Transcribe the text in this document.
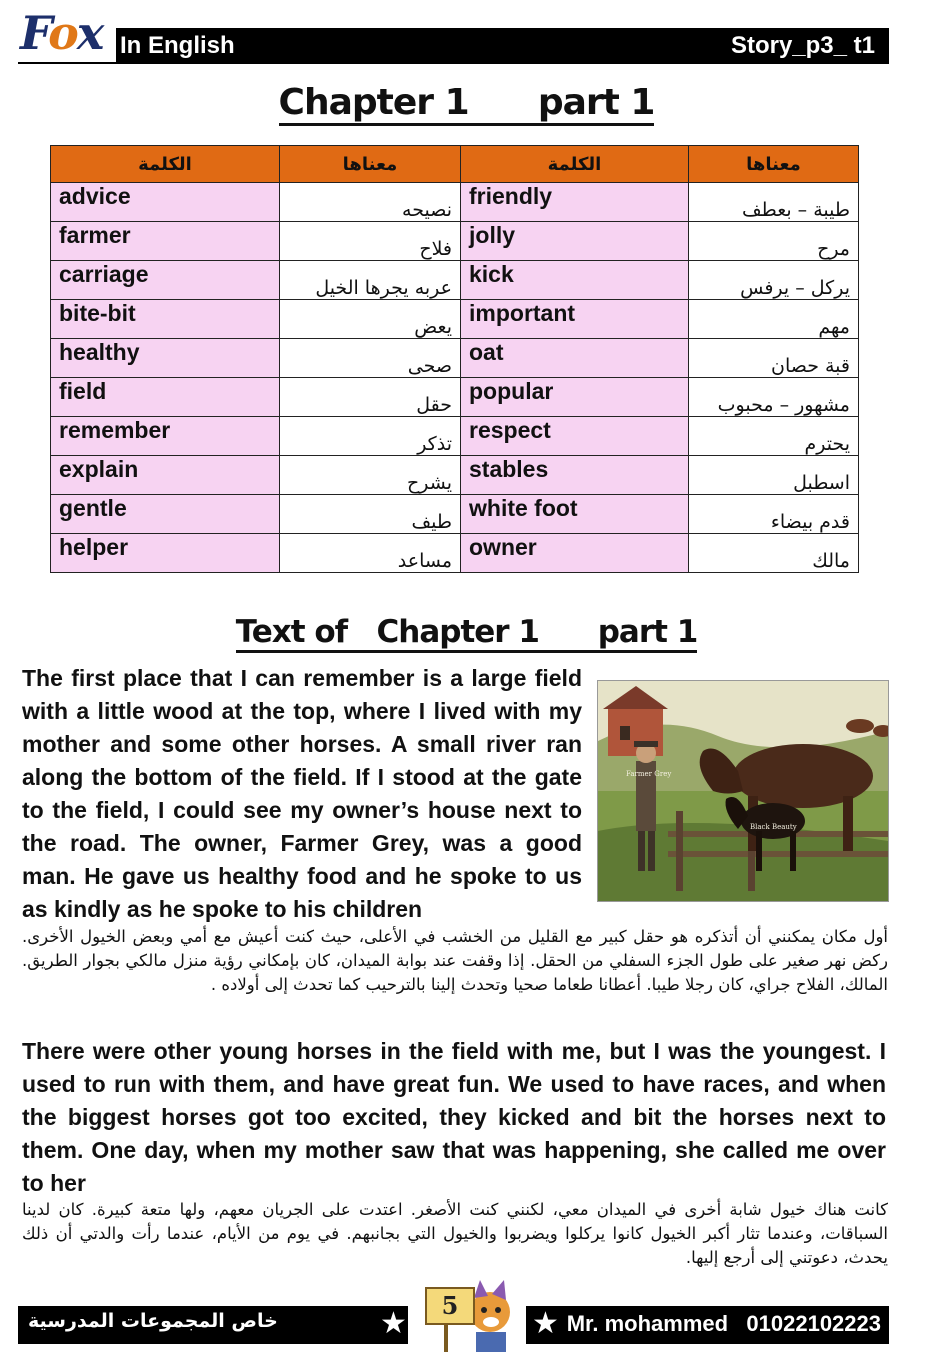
Fox In English	Story_p3_ t1
Chapter 1      part 1
الكلمة	معناها	الكلمة	معناها
advice	نصيحه	friendly	طيبة – بعطف
farmer	فلاح	jolly	مرح
carriage	عربه يجرها الخيل	kick	يركل – يرفس
bite-bit	يعض	important	مهم
healthy	صحى	oat	قبة حصان
field	حقل	popular	مشهور – محبوب
remember	تذكر	respect	يحترم
explain	يشرح	stables	اسطبل
gentle	طيف	white foot	قدم بيضاء
helper	مساعد	owner	مالك
Text of   Chapter 1      part 1
The first place that I can remember is a large field with a little wood at the top, where I lived with my mother and some other horses. A small river ran along the bottom of the field. If I stood at the gate to the field, I could see my owner’s house next to the road. The owner, Farmer Grey, was a good man. He gave us healthy food and he spoke to us as kindly as he spoke to his children
Farmer Grey
Black Beauty
أول مكان يمكنني أن أتذكره هو حقل كبير مع القليل من الخشب في الأعلى، حيث كنت أعيش مع أمي وبعض الخيول الأخرى. ركض نهر صغير على طول الجزء السفلي من الحقل. إذا وقفت عند بوابة الميدان، كان بإمكاني رؤية منزل مالكي بجوار الطريق. المالك، الفلاح جراي، كان رجلا طيبا. أعطانا طعاما صحيا وتحدث إلينا بالترحيب كما تحدث إلى أولاده .
There were other young horses in the field with me, but I was the youngest. I used to run with them, and have great fun. We used to have races, and when the biggest horses got too excited, they kicked and bit the horses next to them. One day, when my mother saw that was happening, she called me over to her
كانت هناك خيول شابة أخرى في الميدان معي، لكنني كنت الأصغر. اعتدت على الجريان معهم، ولها متعة كبيرة. كان لدينا السباقات، وعندما تثار أكبر الخيول كانوا يركلوا ويضربوا والخيول التي بجانبهم. في يوم من الأيام، عندما رأت والدتي أن ذلك يحدث، دعوتني إلى أرجع إليها.
خاص المجموعات المدرسية	★	★ Mr. mohammed   01022102223
5
